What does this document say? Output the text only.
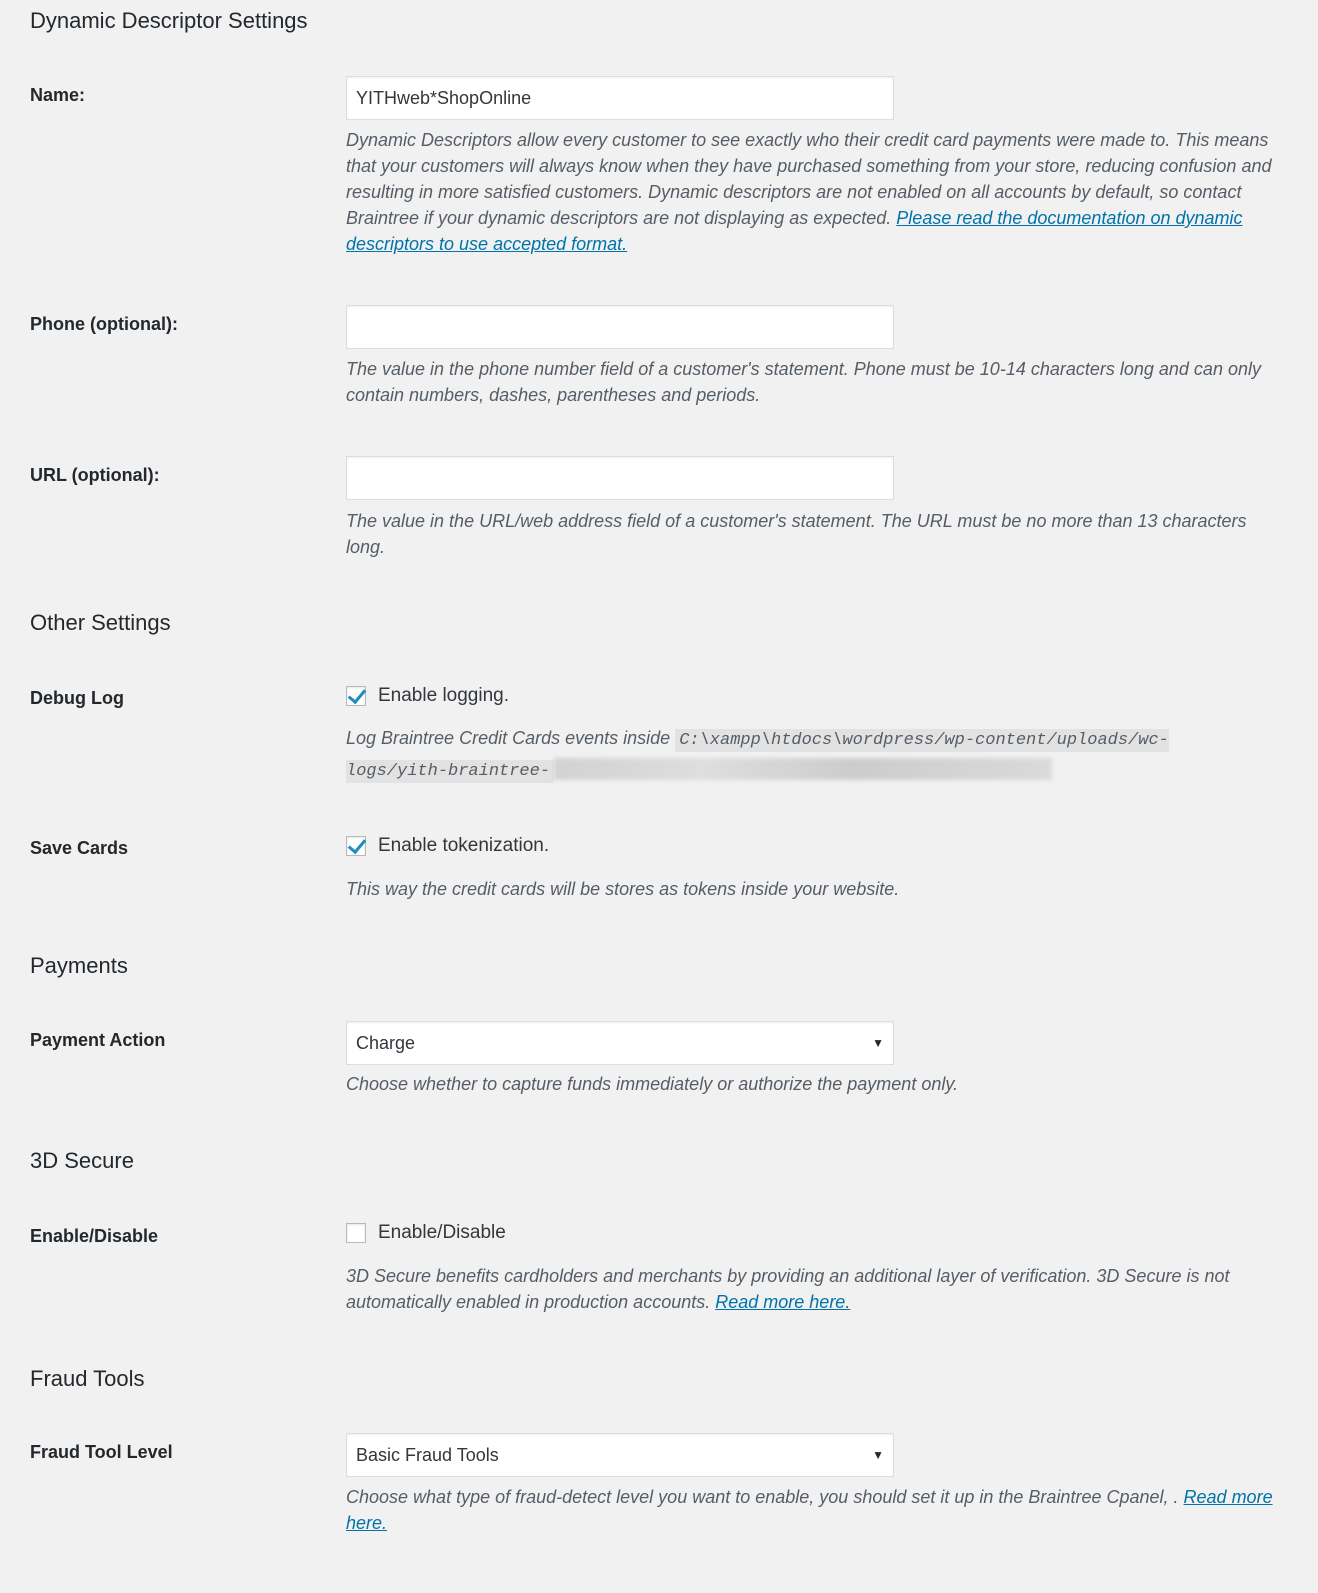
Dynamic Descriptor Settings
Name:
YITHweb*ShopOnline

Dynamic Descriptors allow every customer to see exactly who their credit card payments were made to. This means that your customers will always know when they have purchased something from your store, reducing confusion and resulting in more satisfied customers. Dynamic descriptors are not enabled on all accounts by default, so contact Braintree if your dynamic descriptors are not displaying as expected. Please read the documentation on dynamic descriptors to use accepted format.

Phone (optional):

The value in the phone number field of a customer's statement. Phone must be 10-14 characters long and can only contain numbers, dashes, parentheses and periods.

URL (optional):

The value in the URL/web address field of a customer's statement. The URL must be no more than 13 characters long.

Other Settings
Debug Log	Enable logging.

Log Braintree Credit Cards events inside C:\xampp\htdocs\wordpress/wp-content/uploads/wc-logs/yith-braintree-

Save Cards	Enable tokenization.

This way the credit cards will be stores as tokens inside your website.

Payments
Payment Action	Charge	▼

Choose whether to capture funds immediately or authorize the payment only.

3D Secure
Enable/Disable	Enable/Disable

3D Secure benefits cardholders and merchants by providing an additional layer of verification. 3D Secure is not automatically enabled in production accounts. Read more here.

Fraud Tools
Fraud Tool Level	Basic Fraud Tools	▼

Choose what type of fraud-detect level you want to enable, you should set it up in the Braintree Cpanel, . Read more here.
